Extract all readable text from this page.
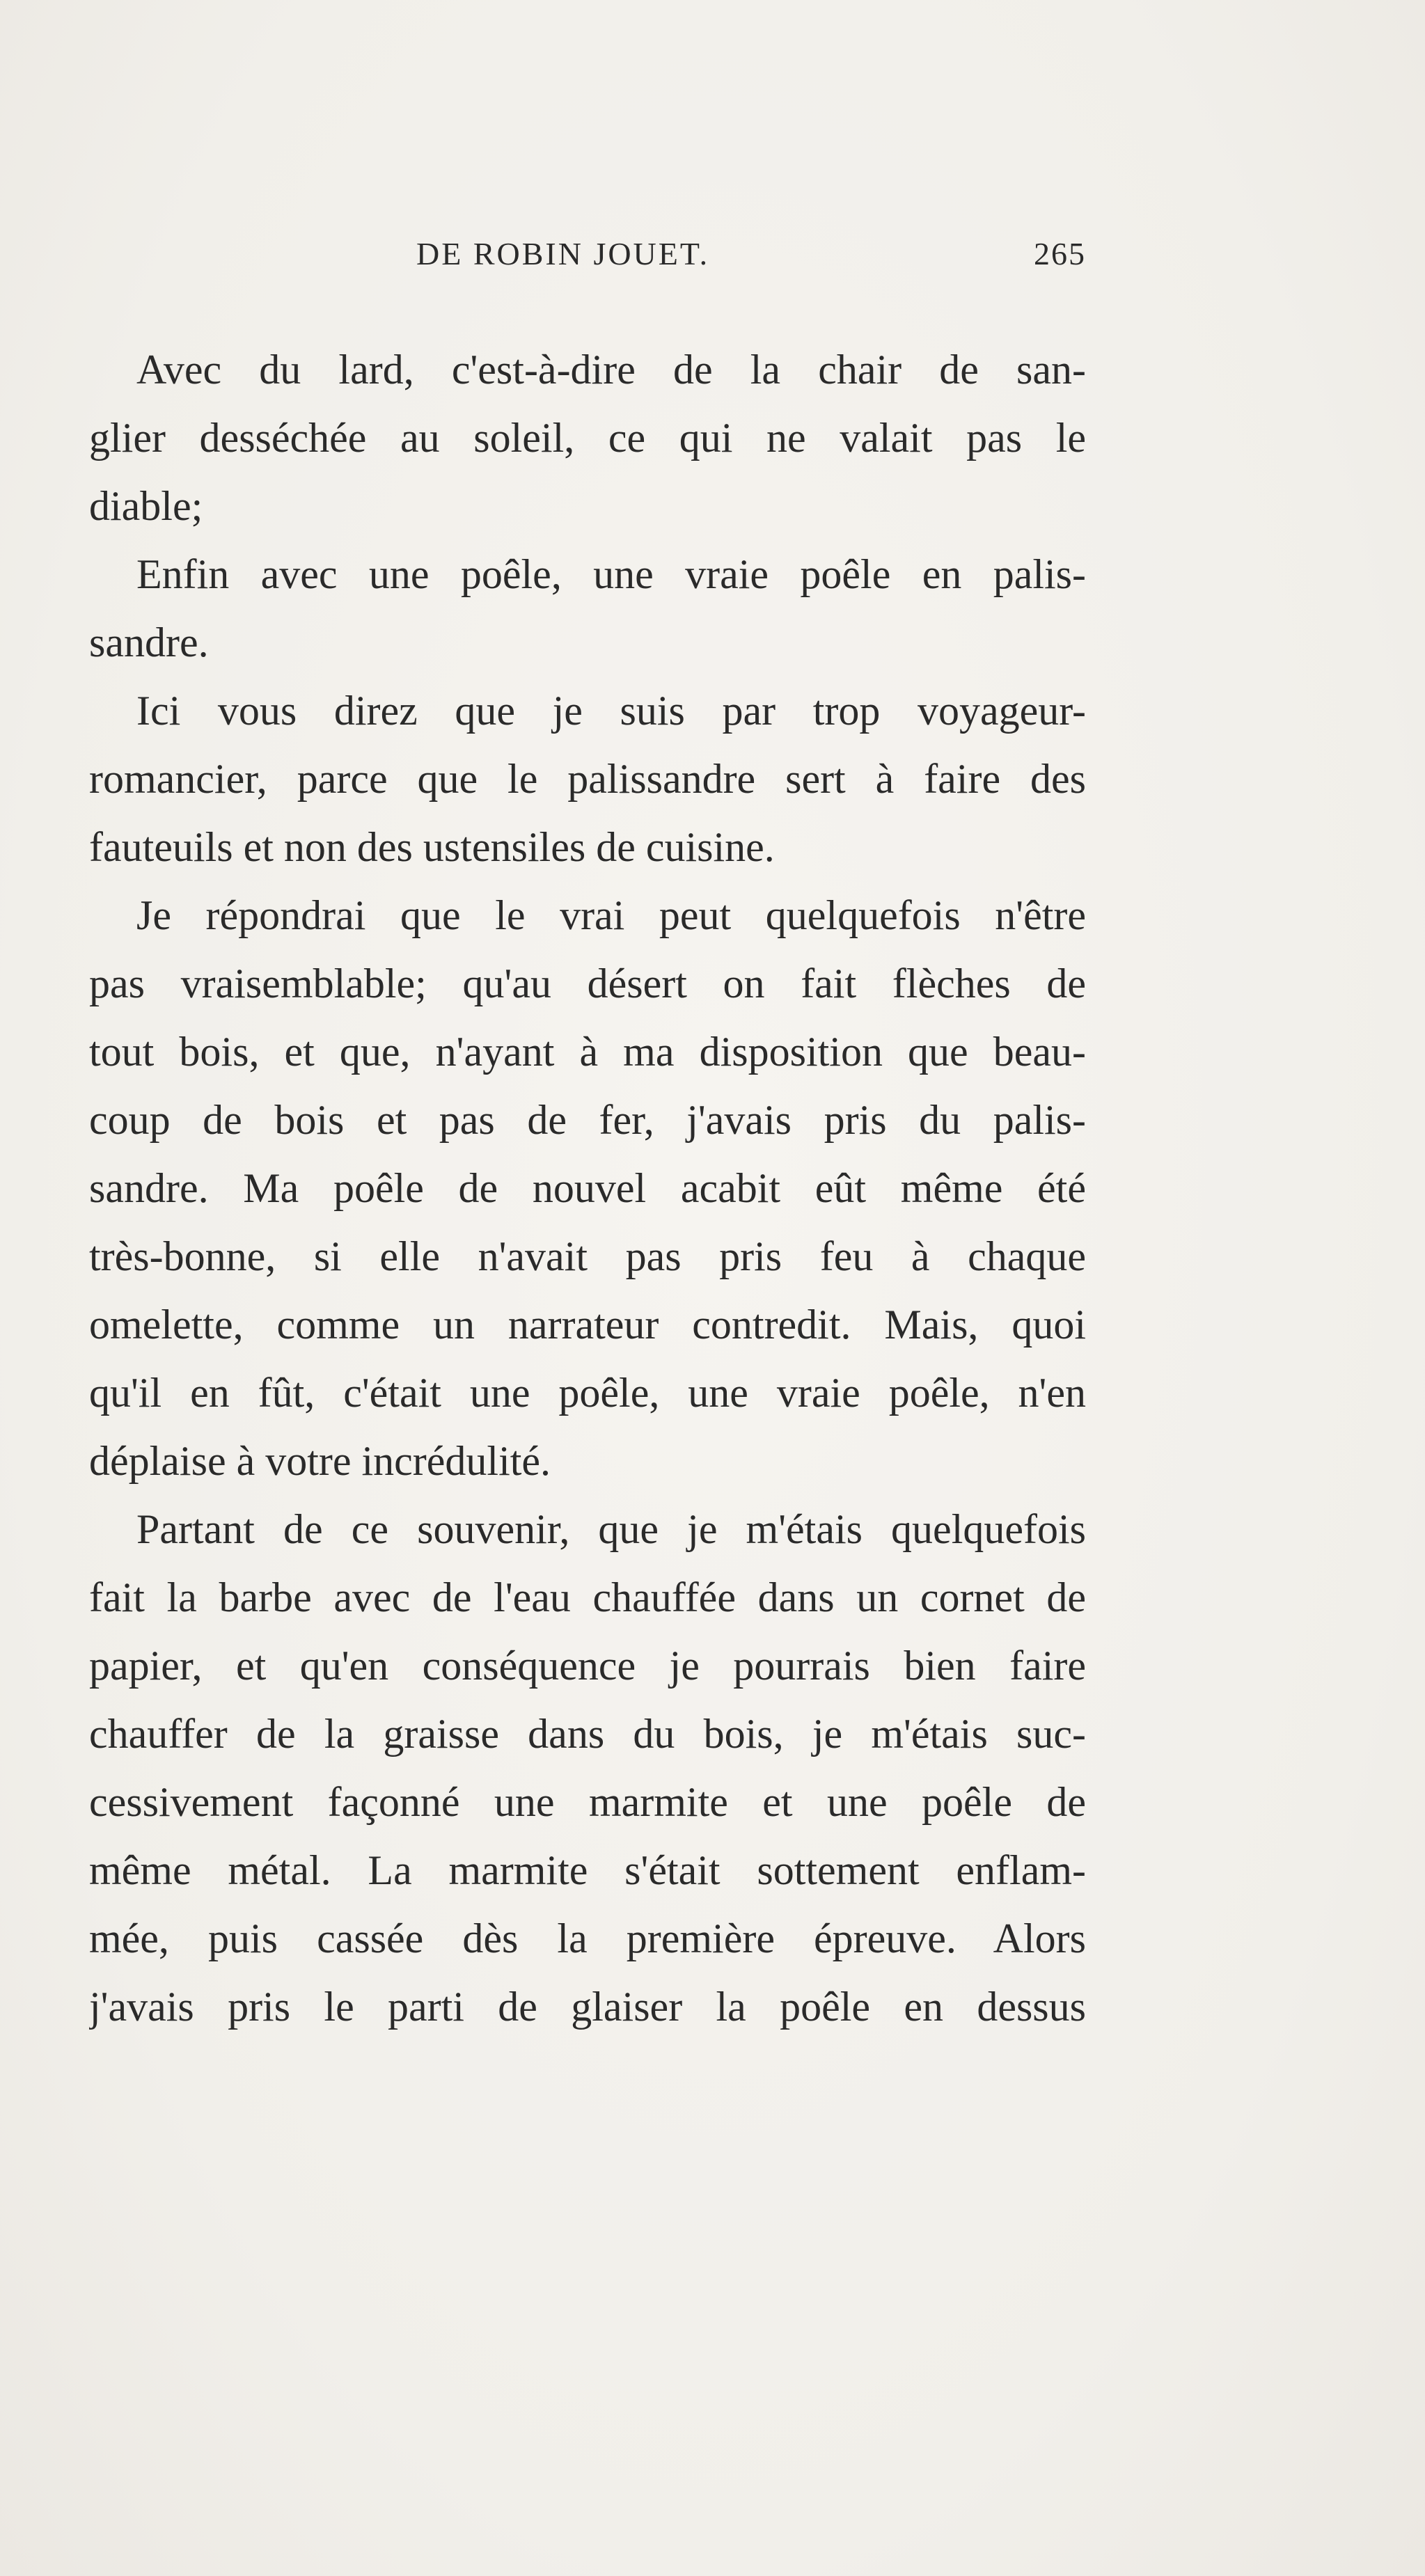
DE ROBIN JOUET.	265
Avec du lard, c'est-à-dire de la chair de san-
glier desséchée au soleil, ce qui ne valait pas le
diable;
Enfin avec une poêle, une vraie poêle en palis-
sandre.
Ici vous direz que je suis par trop voyageur-
romancier, parce que le palissandre sert à faire des
fauteuils et non des ustensiles de cuisine.
Je répondrai que le vrai peut quelquefois n'être
pas vraisemblable; qu'au désert on fait flèches de
tout bois, et que, n'ayant à ma disposition que beau-
coup de bois et pas de fer, j'avais pris du palis-
sandre. Ma poêle de nouvel acabit eût même été
très-bonne, si elle n'avait pas pris feu à chaque
omelette, comme un narrateur contredit. Mais, quoi
qu'il en fût, c'était une poêle, une vraie poêle, n'en
déplaise à votre incrédulité.
Partant de ce souvenir, que je m'étais quelquefois
fait la barbe avec de l'eau chauffée dans un cornet de
papier, et qu'en conséquence je pourrais bien faire
chauffer de la graisse dans du bois, je m'étais suc-
cessivement façonné une marmite et une poêle de
même métal. La marmite s'était sottement enflam-
mée, puis cassée dès la première épreuve. Alors
j'avais pris le parti de glaiser la poêle en dessus
